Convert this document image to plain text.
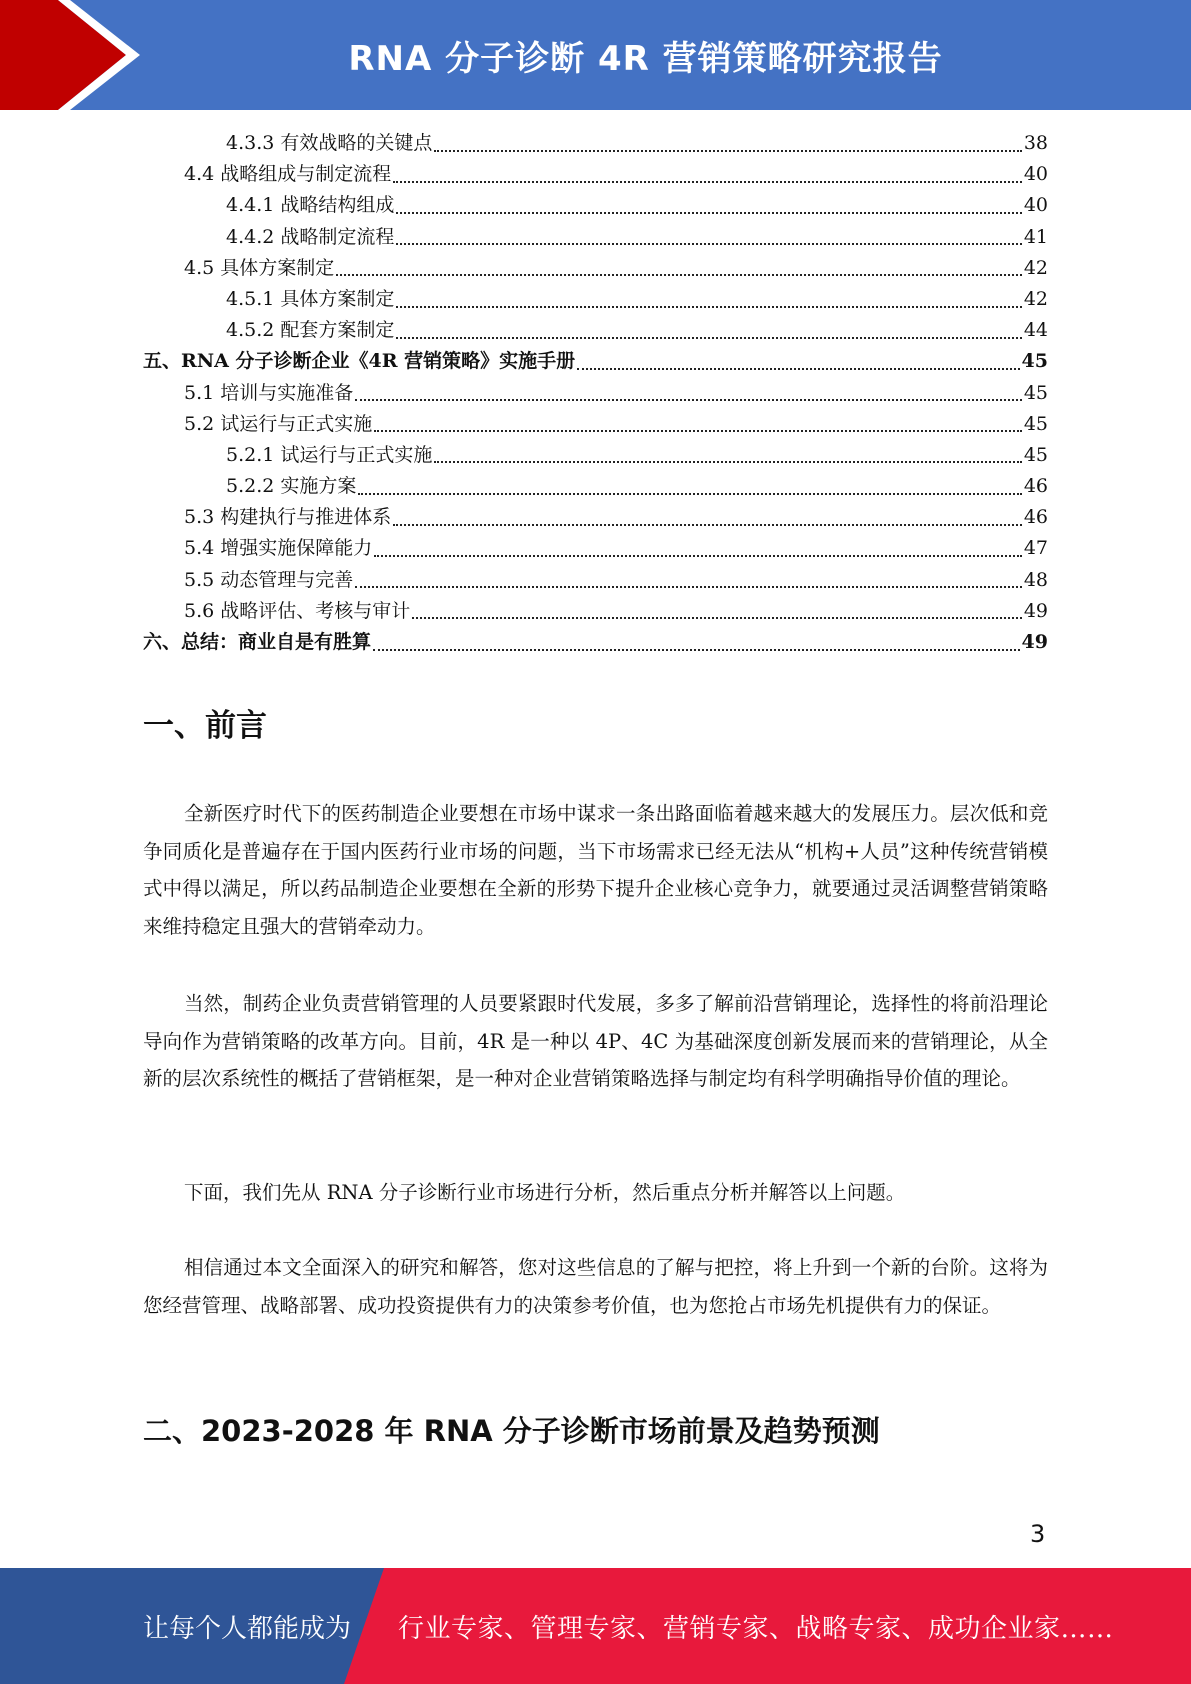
RNA 分子诊断 4R 营销策略研究报告
4.3.3 有效战略的关键点	38
4.4 战略组成与制定流程	40
4.4.1 战略结构组成	40
4.4.2 战略制定流程	41
4.5 具体方案制定	42
4.5.1 具体方案制定	42
4.5.2 配套方案制定	44
五、RNA 分子诊断企业《4R 营销策略》实施手册	45
5.1 培训与实施准备	45
5.2 试运行与正式实施	45
5.2.1 试运行与正式实施	45
5.2.2 实施方案	46
5.3 构建执行与推进体系	46
5.4 增强实施保障能力	47
5.5 动态管理与完善	48
5.6 战略评估、考核与审计	49
六、总结：商业自是有胜算	49
一、前言

全新医疗时代下的医药制造企业要想在市场中谋求一条出路面临着越来越大的发展压力。层次低和竞争同质化是普遍存在于国内医药行业市场的问题，当下市场需求已经无法从“机构+人员”这种传统营销模式中得以满足，所以药品制造企业要想在全新的形势下提升企业核心竞争力，就要通过灵活调整营销策略来维持稳定且强大的营销牵动力。

当然，制药企业负责营销管理的人员要紧跟时代发展，多多了解前沿营销理论，选择性的将前沿理论导向作为营销策略的改革方向。目前，4R 是一种以 4P、4C 为基础深度创新发展而来的营销理论，从全新的层次系统性的概括了营销框架，是一种对企业营销策略选择与制定均有科学明确指导价值的理论。

下面，我们先从 RNA 分子诊断行业市场进行分析，然后重点分析并解答以上问题。

相信通过本文全面深入的研究和解答，您对这些信息的了解与把控，将上升到一个新的台阶。这将为您经营管理、战略部署、成功投资提供有力的决策参考价值，也为您抢占市场先机提供有力的保证。

二、2023-2028 年 RNA 分子诊断市场前景及趋势预测
3
让每个人都能成为 行业专家、管理专家、营销专家、战略专家、成功企业家……
